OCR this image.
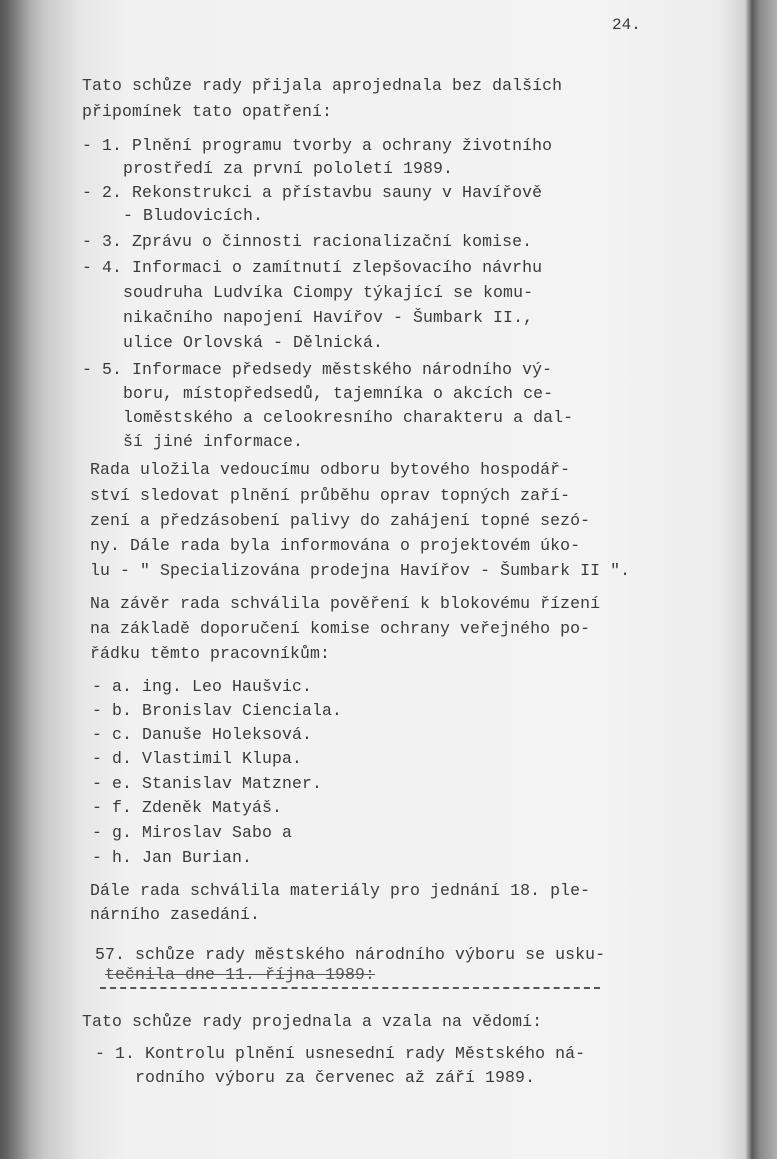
24.
Tato schůze rady přijala aprojednala bez dalších
připomínek tato opatření:
- 1. Plnění programu tvorby a ochrany životního
prostředí za první pololetí 1989.
- 2. Rekonstrukci a přístavbu sauny v Havířově
- Bludovicích.
- 3. Zprávu o činnosti racionalizační komise.
- 4. Informaci o zamítnutí zlepšovacího návrhu
soudruha Ludvíka Ciompy týkající se komu-
nikačního napojení Havířov - Šumbark II.,
ulice Orlovská - Dělnická.
- 5. Informace předsedy městského národního vý-
boru, místopředsedů, tajemníka o akcích ce-
loměstského a celookresního charakteru a dal-
ší jiné informace.
Rada uložila vedoucímu odboru bytového hospodář-
ství sledovat plnění průběhu oprav topných zaří-
zení a předzásobení palivy do zahájení topné sezó-
ny. Dále rada byla informována o projektovém úko-
lu - " Specializována prodejna Havířov - Šumbark II ".
Na závěr rada schválila pověření k blokovému řízení
na základě doporučení komise ochrany veřejného po-
řádku těmto pracovníkům:
- a. ing. Leo Haušvic.
- b. Bronislav Cienciala.
- c. Danuše Holeksová.
- d. Vlastimil Klupa.
- e. Stanislav Matzner.
- f. Zdeněk Matyáš.
- g. Miroslav Sabo a
- h. Jan Burian.
Dále rada schválila materiály pro jednání 18. ple-
nárního zasedání.
57. schůze rady městského národního výboru se usku-
tečnila dne 11. října 1989:
Tato schůze rady projednala a vzala na vědomí:
- 1. Kontrolu plnění usnesední rady Městského ná-
rodního výboru za červenec až září 1989.
